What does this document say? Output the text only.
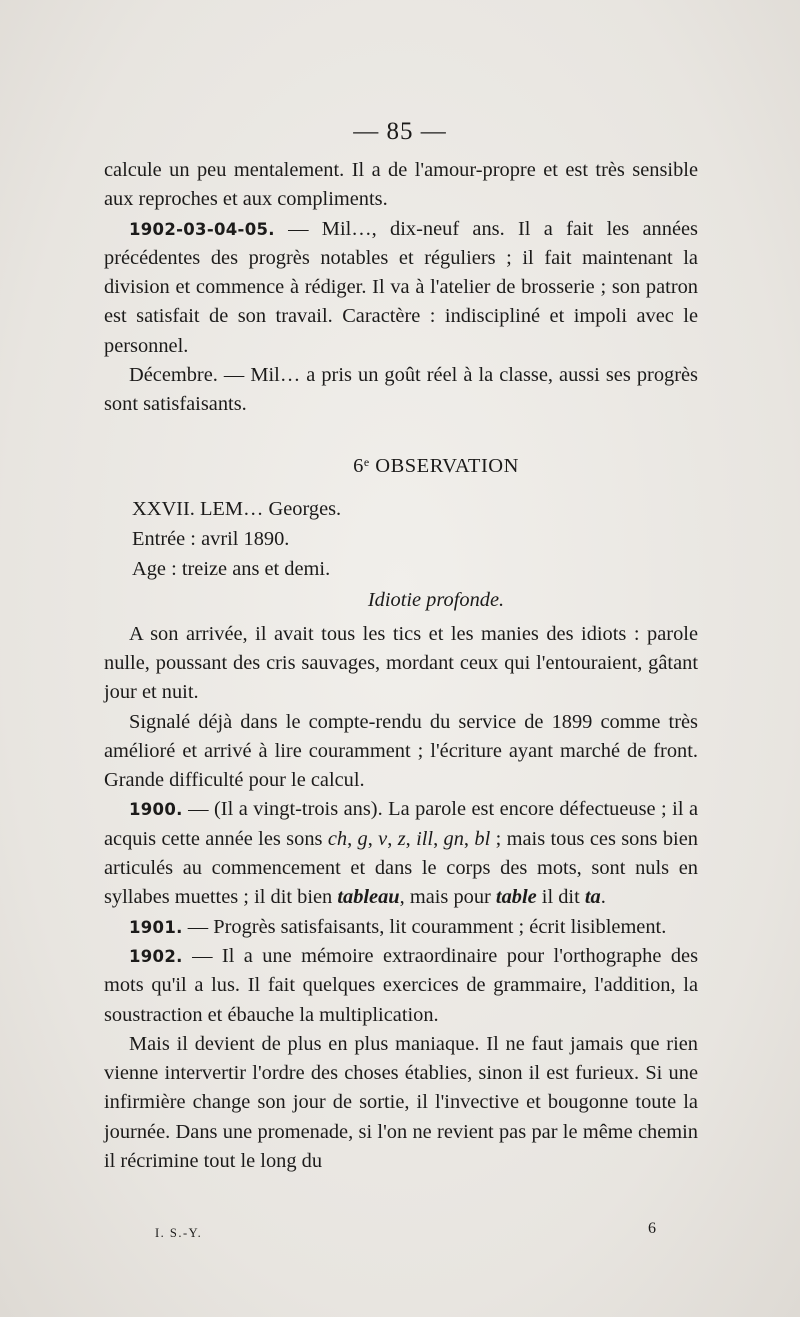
— 85 —

calcule un peu mentalement. Il a de l'amour-propre et est très sensible aux reproches et aux compliments.

1902-03-04-05. — Mil…, dix-neuf ans. Il a fait les années précédentes des progrès notables et réguliers ; il fait maintenant la division et commence à rédiger. Il va à l'atelier de brosserie ; son patron est satisfait de son travail. Caractère : indiscipliné et impoli avec le personnel.

Décembre. — Mil… a pris un goût réel à la classe, aussi ses progrès sont satisfaisants.

6e OBSERVATION

XXVII. LEM… Georges.

Entrée : avril 1890.

Age : treize ans et demi.

Idiotie profonde.

A son arrivée, il avait tous les tics et les manies des idiots : parole nulle, poussant des cris sauvages, mordant ceux qui l'entouraient, gâtant jour et nuit.

Signalé déjà dans le compte-rendu du service de 1899 comme très amélioré et arrivé à lire couramment ; l'écriture ayant marché de front. Grande difficulté pour le calcul.

1900. — (Il a vingt-trois ans). La parole est encore défectueuse ; il a acquis cette année les sons ch, g, v, z, ill, gn, bl ; mais tous ces sons bien articulés au commencement et dans le corps des mots, sont nuls en syllabes muettes ; il dit bien tableau, mais pour table il dit ta.

1901. — Progrès satisfaisants, lit couramment ; écrit lisiblement.

1902. — Il a une mémoire extraordinaire pour l'orthographe des mots qu'il a lus. Il fait quelques exercices de grammaire, l'addition, la soustraction et ébauche la multiplication.

Mais il devient de plus en plus maniaque. Il ne faut jamais que rien vienne intervertir l'ordre des choses établies, sinon il est furieux. Si une infirmière change son jour de sortie, il l'invective et bougonne toute la journée. Dans une promenade, si l'on ne revient pas par le même chemin il récrimine tout le long du

I. S.-Y.	6
